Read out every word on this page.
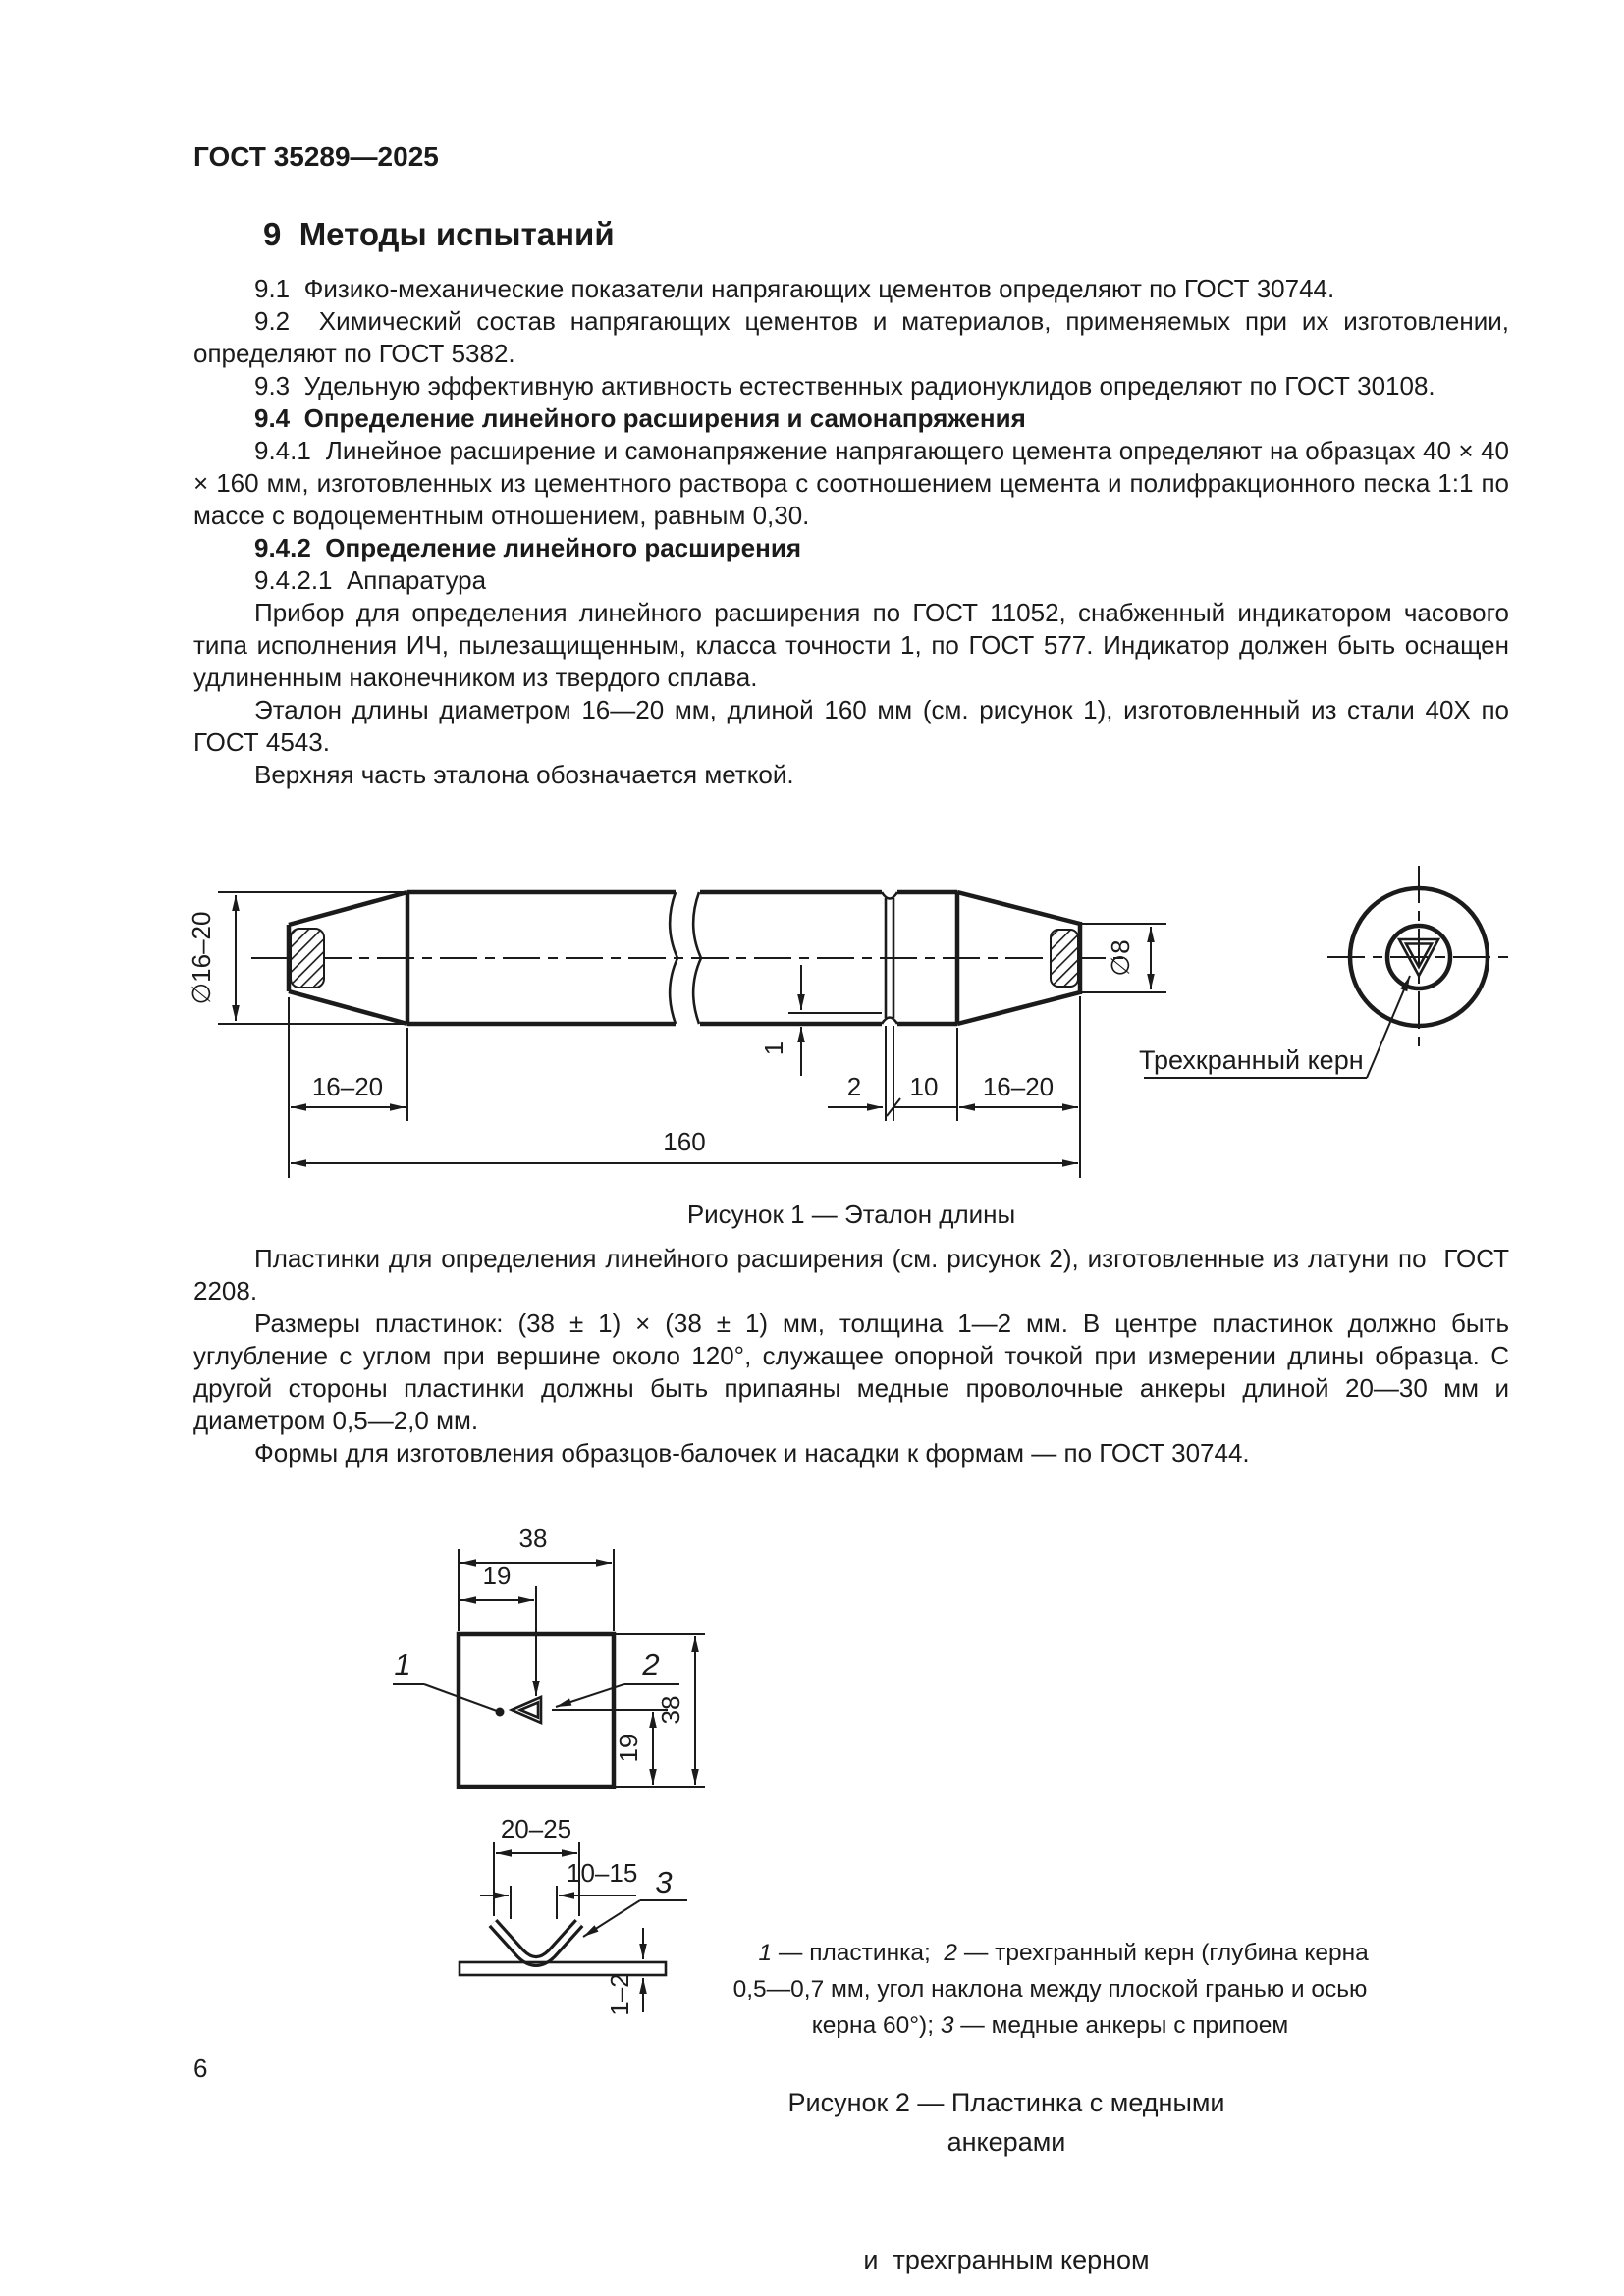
ГОСТ 35289—2025
9  Методы испытаний

9.1  Физико-механические показатели напрягающих цементов определяют по ГОСТ 30744.

9.2  Химический состав напрягающих цементов и материалов, применяемых при их изготовлении, определяют по ГОСТ 5382.

9.3  Удельную эффективную активность естественных радионуклидов определяют по ГОСТ 30108.

9.4  Определение линейного расширения и самонапряжения

9.4.1  Линейное расширение и самонапряжение напрягающего цемента определяют на образцах 40 × 40 × 160 мм, изготовленных из цементного раствора с соотношением цемента и полифракционного песка 1:1 по массе с водоцементным отношением, равным 0,30.

9.4.2  Определение линейного расширения

9.4.2.1  Аппаратура

Прибор для определения линейного расширения по ГОСТ 11052, снабженный индикатором часового типа исполнения ИЧ, пылезащищенным, класса точности 1, по ГОСТ 577. Индикатор должен быть оснащен удлиненным наконечником из твердого сплава.

Эталон длины диаметром 16—20 мм, длиной 160 мм (см. рисунок 1), изготовленный из стали 40Х по ГОСТ 4543.

Верхняя часть эталона обозначается меткой.

∅16–20
16–20
1
2 10 16–20
160
∅8
Трехкранный керн
Рисунок 1 — Эталон длины

Пластинки для определения линейного расширения (см. рисунок 2), изготовленные из латуни по  ГОСТ 2208.

Размеры пластинок: (38 ± 1) × (38 ± 1) мм, толщина 1—2 мм. В центре пластинок должно быть углубление с углом при вершине около 120°, служащее опорной точкой при измерении длины образца. С другой стороны пластинки должны быть припаяны медные проволочные анкеры длиной 20—30 мм и диаметром 0,5—2,0 мм.

Формы для изготовления образцов-балочек и насадки к формам — по ГОСТ 30744.

38
19
38
19
1	2
20–25
10–15 3
1–2

1 — пластинка;  2 — трехгранный керн (глубина керна 0,5—0,7 мм, угол наклона между плоской гранью и осью керна 60°); 3 — медные анкеры с припоем

Рисунок 2 — Пластинка с медными анкерами

и  трехгранным керном

6
